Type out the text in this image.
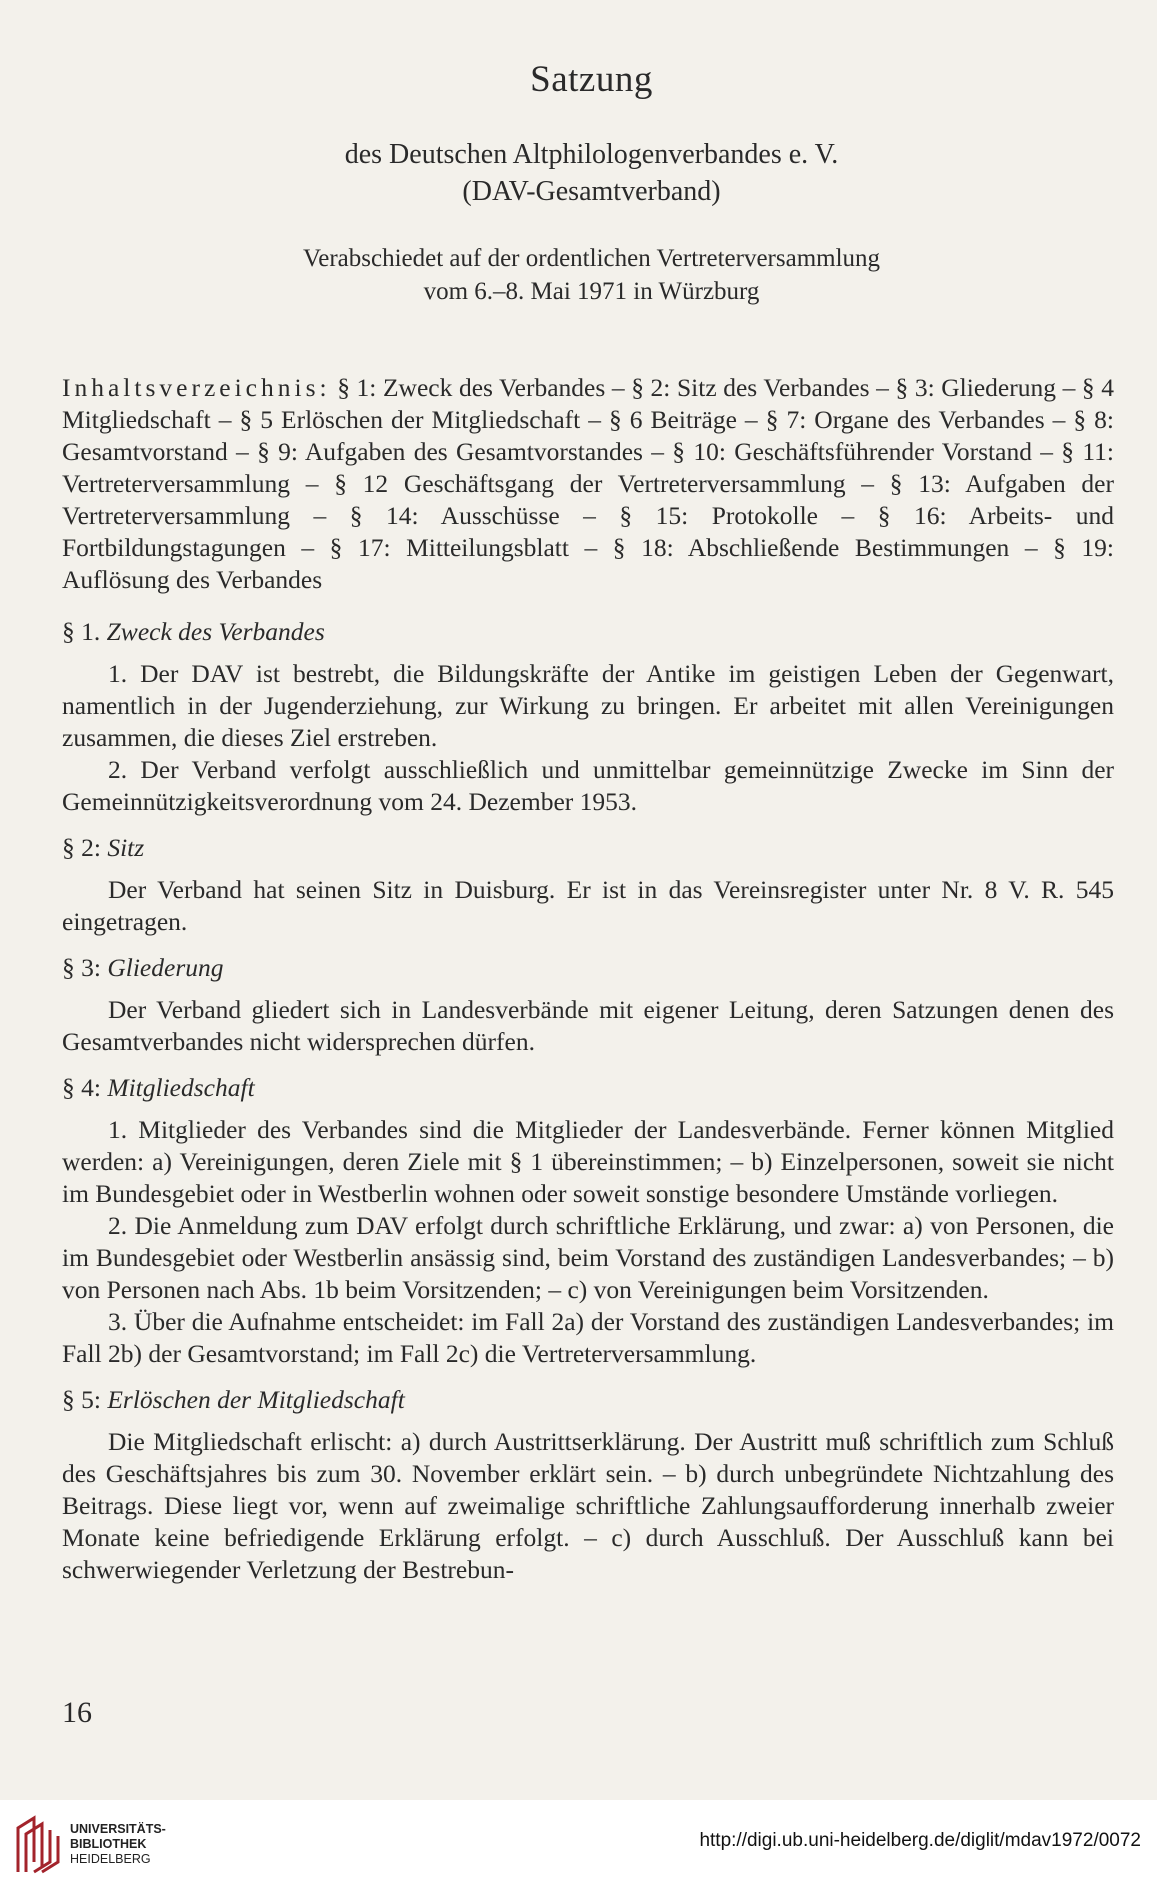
Satzung
des Deutschen Altphilologenverbandes e. V.
(DAV-Gesamtverband)
Verabschiedet auf der ordentlichen Vertreterversammlung
vom 6.–8. Mai 1971 in Würzburg

Inhaltsverzeichnis: § 1: Zweck des Verbandes – § 2: Sitz des Verbandes – § 3: Gliederung – § 4 Mitgliedschaft – § 5 Erlöschen der Mitgliedschaft – § 6 Beiträge – § 7: Organe des Verbandes – § 8: Gesamtvorstand – § 9: Aufgaben des Gesamtvorstandes – § 10: Geschäftsführender Vorstand – § 11: Vertreterversammlung – § 12 Geschäftsgang der Vertreterversammlung – § 13: Aufgaben der Vertreterversammlung – § 14: Ausschüsse – § 15: Protokolle – § 16: Arbeits- und Fortbildungstagungen – § 17: Mitteilungsblatt – § 18: Abschließende Bestimmungen – § 19: Auflösung des Verbandes

§ 1. Zweck des Verbandes

1. Der DAV ist bestrebt, die Bildungskräfte der Antike im geistigen Leben der Gegenwart, namentlich in der Jugenderziehung, zur Wirkung zu bringen. Er arbeitet mit allen Vereinigungen zusammen, die dieses Ziel erstreben.

2. Der Verband verfolgt ausschließlich und unmittelbar gemeinnützige Zwecke im Sinn der Gemeinnützigkeitsverordnung vom 24. Dezember 1953.

§ 2: Sitz

Der Verband hat seinen Sitz in Duisburg. Er ist in das Vereinsregister unter Nr. 8 V. R. 545 eingetragen.

§ 3: Gliederung

Der Verband gliedert sich in Landesverbände mit eigener Leitung, deren Satzungen denen des Gesamtverbandes nicht widersprechen dürfen.

§ 4: Mitgliedschaft

1. Mitglieder des Verbandes sind die Mitglieder der Landesverbände. Ferner können Mitglied werden: a) Vereinigungen, deren Ziele mit § 1 übereinstimmen; – b) Einzelpersonen, soweit sie nicht im Bundesgebiet oder in Westberlin wohnen oder soweit sonstige besondere Umstände vorliegen.

2. Die Anmeldung zum DAV erfolgt durch schriftliche Erklärung, und zwar: a) von Personen, die im Bundesgebiet oder Westberlin ansässig sind, beim Vorstand des zuständigen Landesverbandes; – b) von Personen nach Abs. 1b beim Vorsitzenden; – c) von Vereinigungen beim Vorsitzenden.

3. Über die Aufnahme entscheidet: im Fall 2a) der Vorstand des zuständigen Landesverbandes; im Fall 2b) der Gesamtvorstand; im Fall 2c) die Vertreterversammlung.

§ 5: Erlöschen der Mitgliedschaft

Die Mitgliedschaft erlischt: a) durch Austrittserklärung. Der Austritt muß schriftlich zum Schluß des Geschäftsjahres bis zum 30. November erklärt sein. – b) durch unbegründete Nichtzahlung des Beitrags. Diese liegt vor, wenn auf zweimalige schriftliche Zahlungsaufforderung innerhalb zweier Monate keine befriedigende Erklärung erfolgt. – c) durch Ausschluß. Der Ausschluß kann bei schwerwiegender Verletzung der Bestrebun-

16
UNIVERSITÄTS-
BIBLIOTHEK
HEIDELBERG
http://digi.ub.uni-heidelberg.de/diglit/mdav1972/0072
